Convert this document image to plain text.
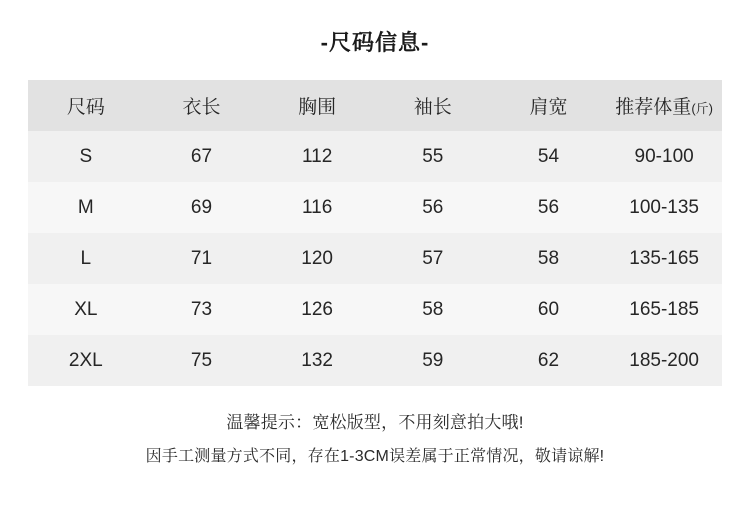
-尺码信息-
尺码	衣长	胸围	袖长	肩宽	推荐体重(斤)
S	67	112	55	54	90-100
M	69	116	56	56	100-135
L	71	120	57	58	135-165
XL	73	126	58	60	165-185
2XL	75	132	59	62	185-200
温馨提示：宽松版型，不用刻意拍大哦!
因手工测量方式不同，存在1-3CM误差属于正常情况，敬请谅解!
